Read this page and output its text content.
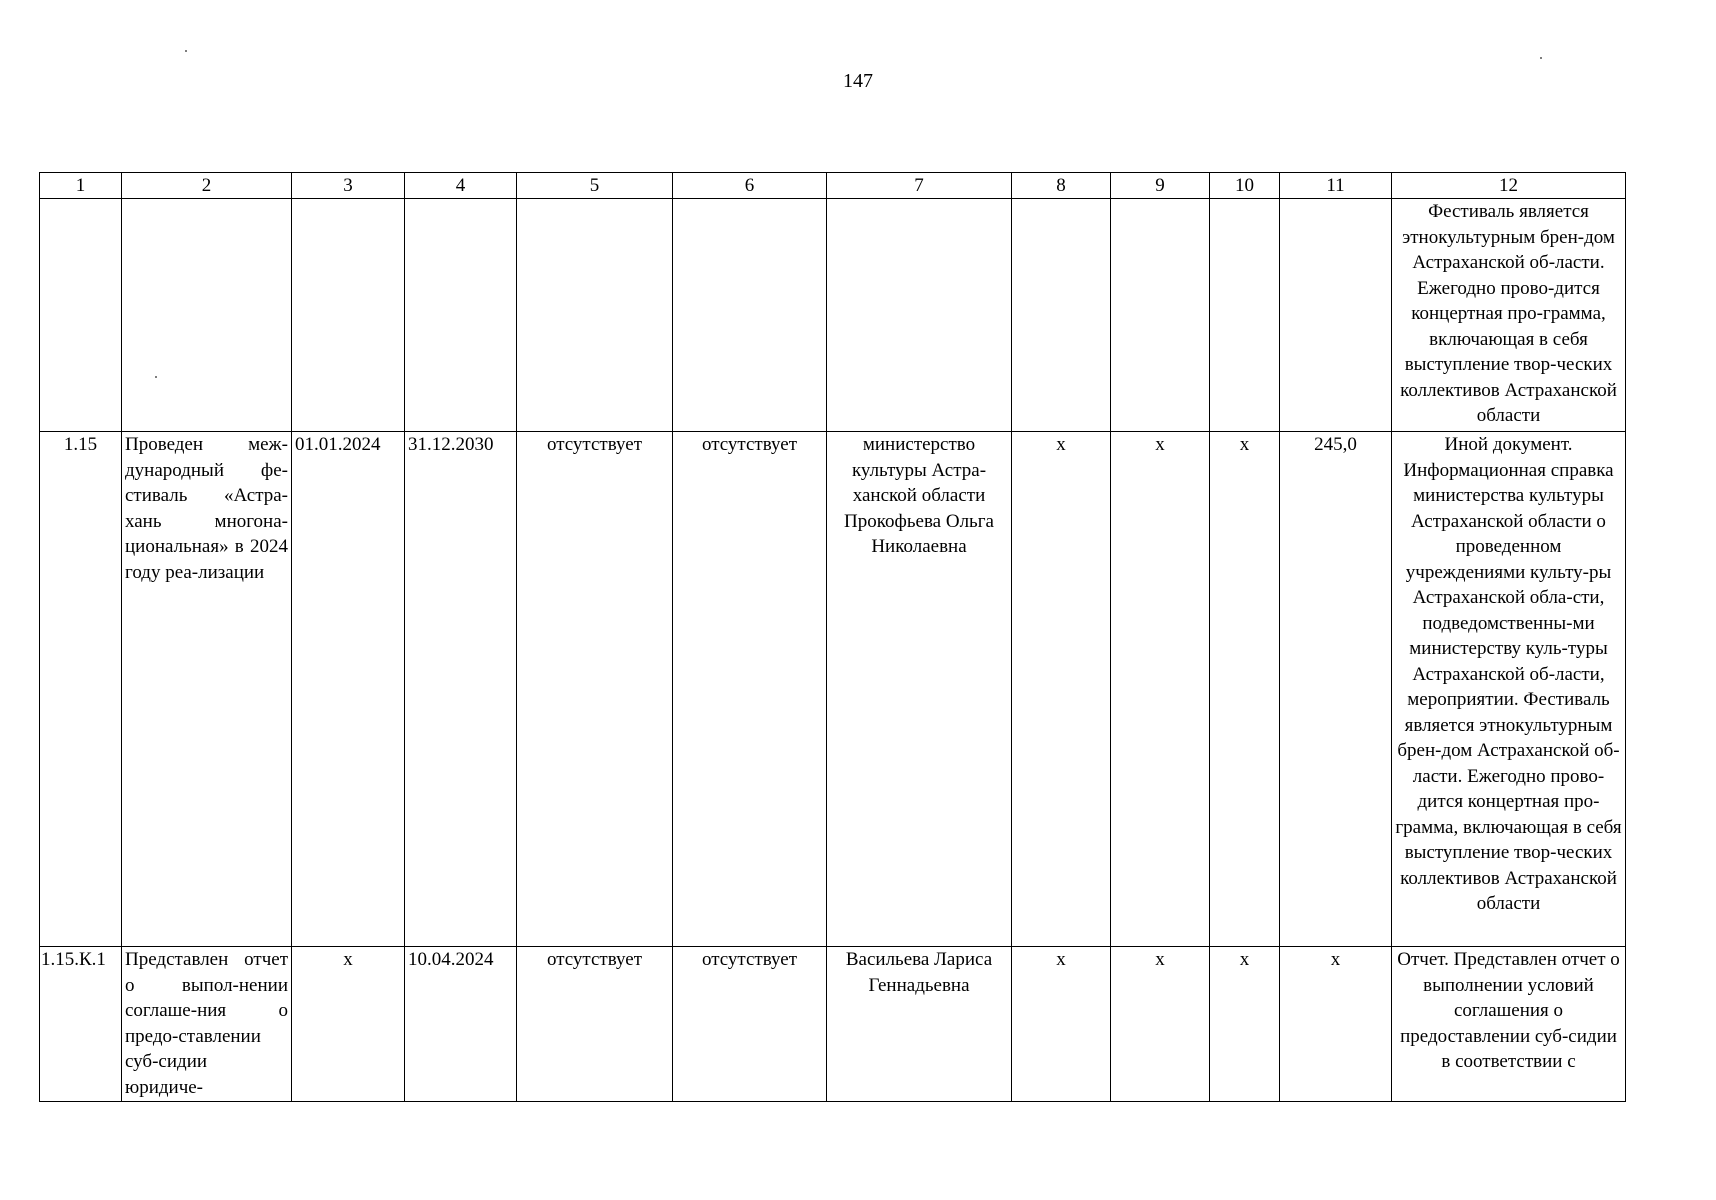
147
1	2	3	4	5	6	7	8	9	10	11	12
											Фестиваль является этнокультурным брен-дом Астраханской об-ласти. Ежегодно прово-дится концертная про-грамма, включающая в себя выступление твор-ческих коллективов Астраханской области
1.15	Проведен меж-дународный фе-стиваль «Астра-хань многона-циональная» в 2024 году реа-лизации	01.01.2024	31.12.2030	отсутствует	отсутствует	министерство культуры Астра-ханской области Прокофьева Ольга Николаевна	х	х	х	245,0	Иной документ. Информационная справка министерства культуры Астраханской области о проведенном учреждениями культу-ры Астраханской обла-сти, подведомственны-ми министерству куль-туры Астраханской об-ласти, мероприятии. Фестиваль является этнокультурным брен-дом Астраханской об-ласти. Ежегодно прово-дится концертная про-грамма, включающая в себя выступление твор-ческих коллективов Астраханской области
1.15.К.1	Представлен отчет о выпол-нении соглаше-ния о предо-ставлении суб-сидии юридиче-	х	10.04.2024	отсутствует	отсутствует	Васильева Лариса Геннадьевна	х	х	х	х	Отчет. Представлен отчет о выполнении условий соглашения о предоставлении суб-сидии в соответствии с
